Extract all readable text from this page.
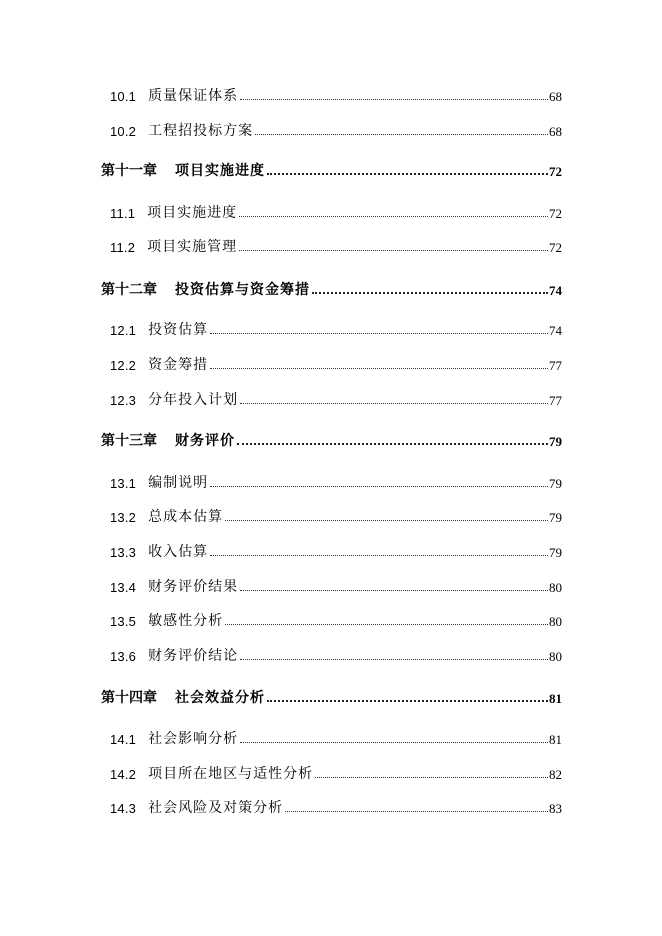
10.1 质量保证体系	68
10.2 工程招投标方案	68
第十一章 项目实施进度	72
11.1 项目实施进度	72
11.2 项目实施管理	72
第十二章 投资估算与资金筹措	74
12.1 投资估算	74
12.2 资金筹措	77
12.3 分年投入计划	77
第十三章 财务评价	79
13.1 编制说明	79
13.2 总成本估算	79
13.3 收入估算	79
13.4 财务评价结果	80
13.5 敏感性分析	80
13.6 财务评价结论	80
第十四章 社会效益分析	81
14.1 社会影响分析	81
14.2 项目所在地区与适性分析	82
14.3 社会风险及对策分析	83
